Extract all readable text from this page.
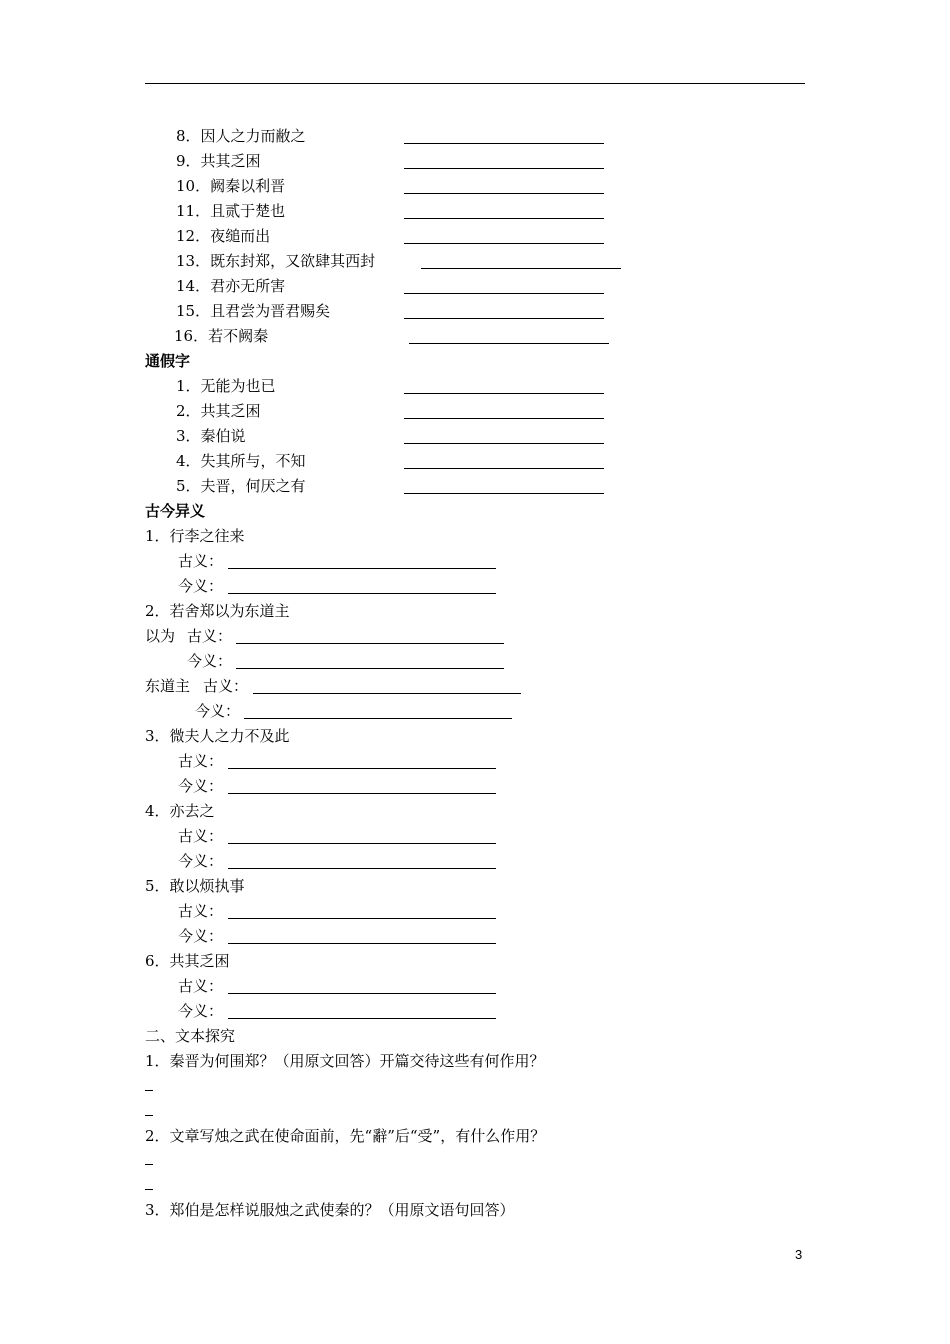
8．因人之力而敝之
9．共其乏困
10．阙秦以利晋
11．且贰于楚也
12．夜缒而出
13．既东封郑，又欲肆其西封
14．君亦无所害
15．且君尝为晋君赐矣
16．若不阙秦
通假字
1．无能为也已
2．共其乏困
3．秦伯说
4．失其所与，不知
5．夫晋，何厌之有
古今异义
1．行李之往来
古义：
今义：
2．若舍郑以为东道主
以为 古义：
今义：
东道主 古义：
今义：
3．微夫人之力不及此
古义：
今义：
4．亦去之
古义：
今义：
5．敢以烦执事
古义：
今义：
6．共其乏困
古义：
今义：
二、文本探究
1．秦晋为何围郑？（用原文回答）开篇交待这些有何作用？
2．文章写烛之武在使命面前，先“辭”后“受”，有什么作用？
3．郑伯是怎样说服烛之武使秦的？（用原文语句回答）
3
